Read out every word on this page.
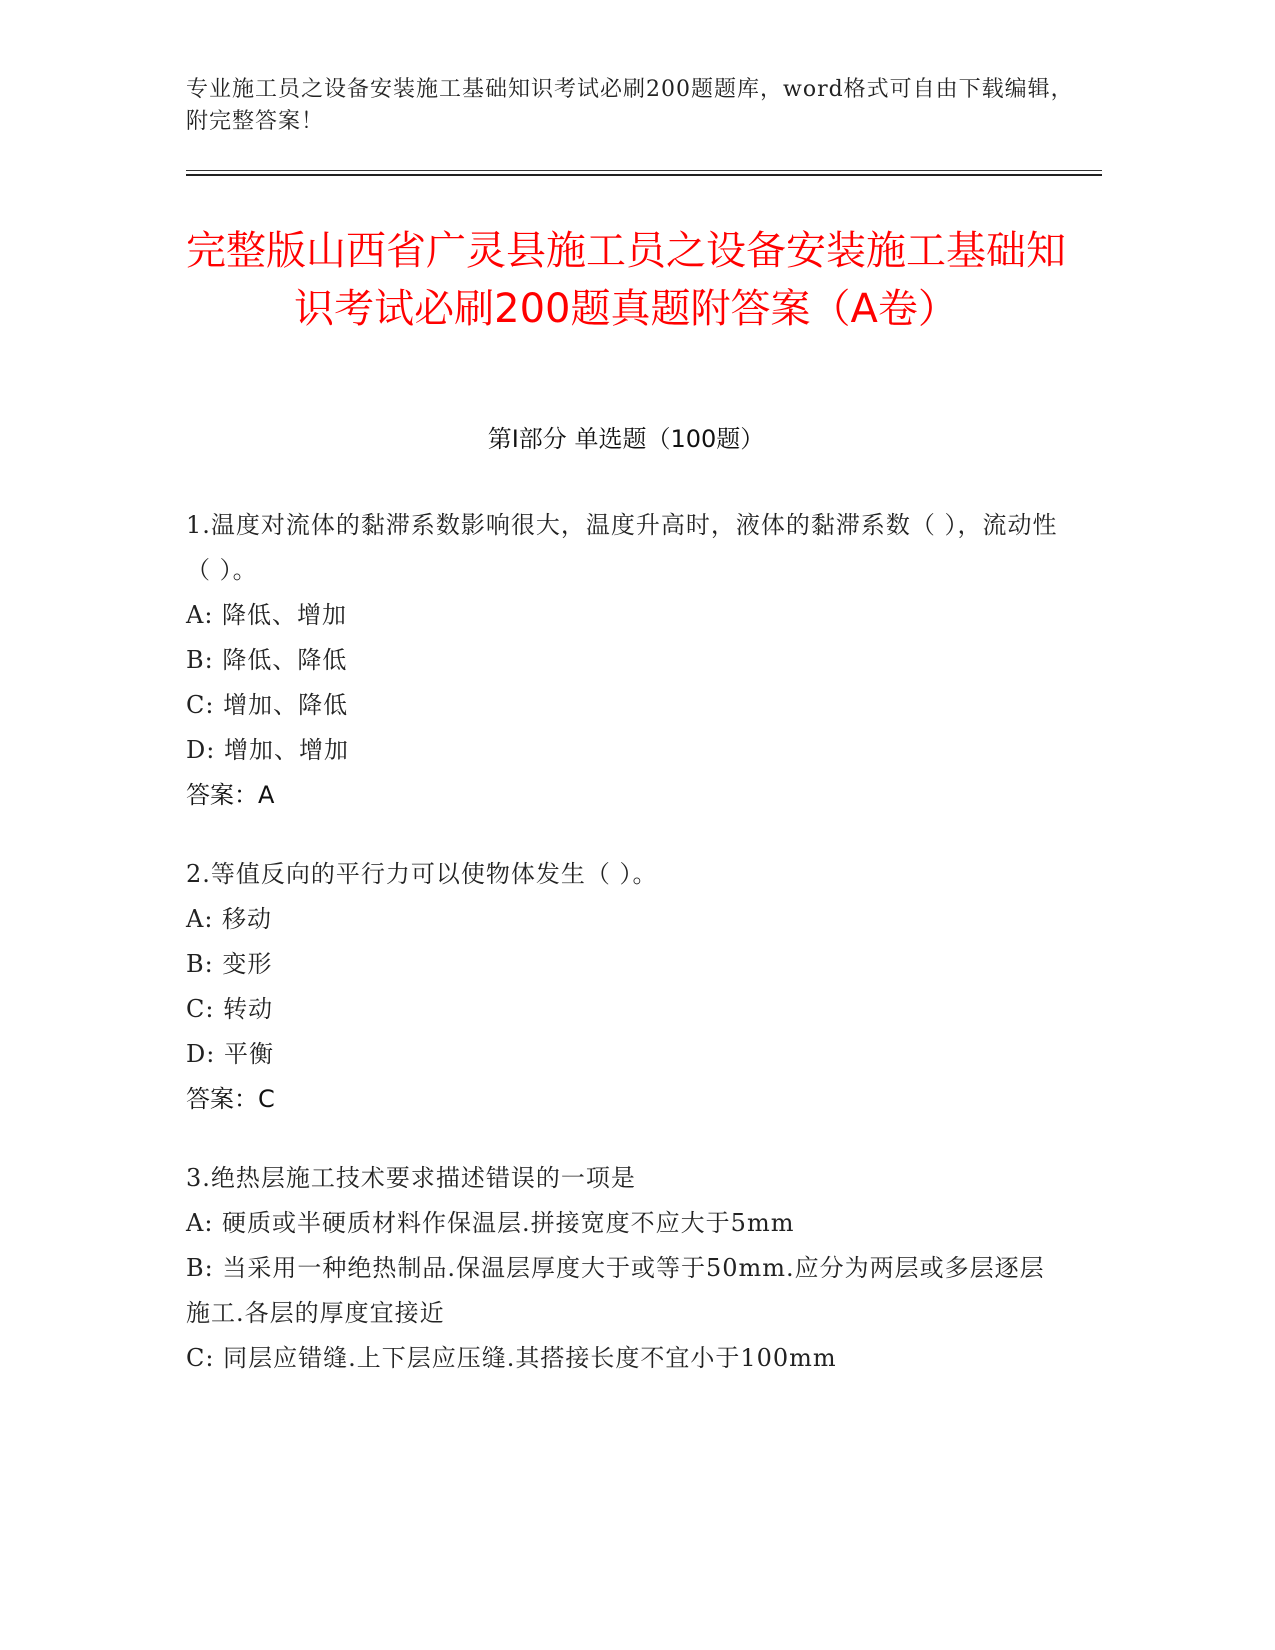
专业施工员之设备安装施工基础知识考试必刷200题题库，word格式可自由下载编辑，附完整答案！
完整版山西省广灵县施工员之设备安装施工基础知识考试必刷200题真题附答案（A卷）
第I部分 单选题（100题）
1.温度对流体的黏滞系数影响很大，温度升高时，液体的黏滞系数（ ），流动性（ ）。
A: 降低、增加
B: 降低、降低
C: 增加、降低
D: 增加、增加
答案：A
2.等值反向的平行力可以使物体发生（ ）。
A: 移动
B: 变形
C: 转动
D: 平衡
答案：C
3.绝热层施工技术要求描述错误的一项是
A: 硬质或半硬质材料作保温层.拼接宽度不应大于5mm
B: 当采用一种绝热制品.保温层厚度大于或等于50mm.应分为两层或多层逐层施工.各层的厚度宜接近
C: 同层应错缝.上下层应压缝.其搭接长度不宜小于100mm
